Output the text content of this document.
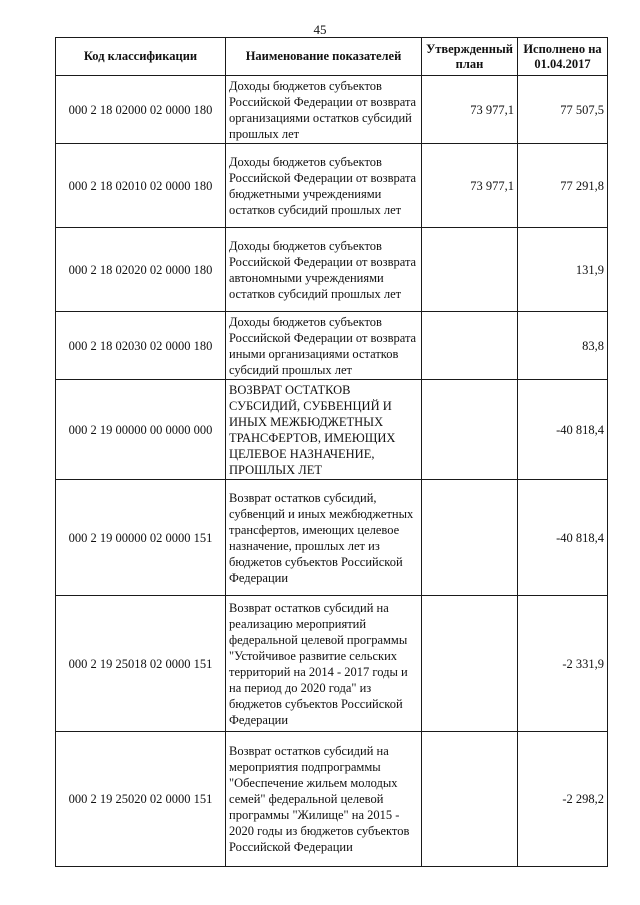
45
Код классификации	Наименование показателей	Утвержденный план	Исполнено на 01.04.2017
000 2 18 02000 02 0000 180	Доходы бюджетов субъектов Российской Федерации от возврата организациями остатков субсидий прошлых лет	73 977,1	77 507,5
000 2 18 02010 02 0000 180	Доходы бюджетов субъектов Российской Федерации от возврата бюджетными учреждениями остатков субсидий прошлых лет	73 977,1	77 291,8
000 2 18 02020 02 0000 180	Доходы бюджетов субъектов Российской Федерации от возврата автономными учреждениями остатков субсидий прошлых лет		131,9
000 2 18 02030 02 0000 180	Доходы бюджетов субъектов Российской Федерации от возврата иными организациями остатков субсидий прошлых лет		83,8
000 2 19 00000 00 0000 000	ВОЗВРАТ ОСТАТКОВ СУБСИДИЙ, СУБВЕНЦИЙ И ИНЫХ МЕЖБЮДЖЕТНЫХ ТРАНСФЕРТОВ, ИМЕЮЩИХ ЦЕЛЕВОЕ НАЗНАЧЕНИЕ, ПРОШЛЫХ ЛЕТ		-40 818,4
000 2 19 00000 02 0000 151	Возврат остатков субсидий, субвенций и иных межбюджетных трансфертов, имеющих целевое назначение, прошлых лет из бюджетов субъектов Российской Федерации		-40 818,4
000 2 19 25018 02 0000 151	Возврат остатков субсидий на реализацию мероприятий федеральной целевой программы "Устойчивое развитие сельских территорий на 2014 - 2017 годы и на период до 2020 года" из бюджетов субъектов Российской Федерации		-2 331,9
000 2 19 25020 02 0000 151	Возврат остатков субсидий на мероприятия подпрограммы "Обеспечение жильем молодых семей" федеральной целевой программы "Жилище" на 2015 - 2020 годы из бюджетов субъектов Российской Федерации		-2 298,2
